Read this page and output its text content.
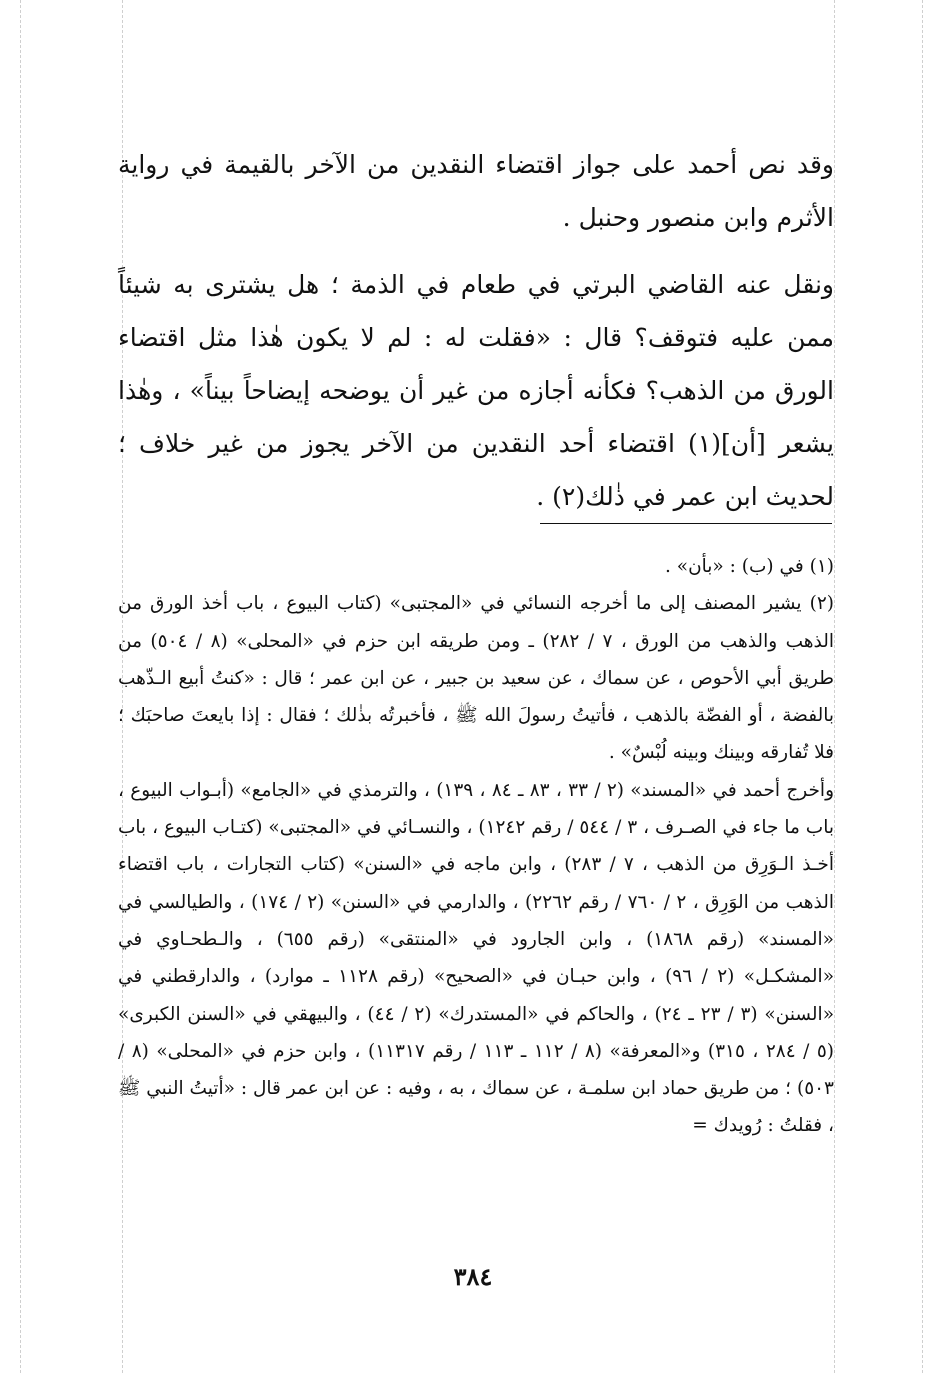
وقد نص أحمد على جواز اقتضاء النقدين من الآخر بالقيمة في رواية الأثرم وابن منصور وحنبل .

ونقل عنه القاضي البرتي في طعام في الذمة ؛ هل يشترى به شيئاً ممن عليه فتوقف؟ قال : «فقلت له : لم لا يكون هٰذا مثل اقتضاء الورق من الذهب؟ فكأنه أجازه من غير أن يوضحه إيضاحاً بيناً» ، وهٰذا يشعر [أن](١) اقتضاء أحد النقدين من الآخر يجوز من غير خلاف ؛ لحديث ابن عمر في ذٰلك(٢) .

(١) في (ب) : «بأن» .

(٢) يشير المصنف إلى ما أخرجه النسائي في «المجتبى» (كتاب البيوع ، باب أخذ الورق من الذهب والذهب من الورق ، ٧ / ٢٨٢) ـ ومن طريقه ابن حزم في «المحلى» (٨ / ٥٠٤) من طريق أبي الأحوص ، عن سماك ، عن سعيد بن جبير ، عن ابن عمر ؛ قال : «كنتُ أبيع الـذّهب بالفضة ، أو الفضّة بالذهب ، فأتيتُ رسولَ الله ﷺ ، فأخبرتُه بذٰلك ؛ فقال : إذا بايعتَ صاحبَك ؛ فلا تُفارقه وبينك وبينه لُبْسٌ» .

وأخرج أحمد في «المسند» (٢ / ٣٣ ، ٨٣ ـ ٨٤ ، ١٣٩) ، والترمذي في «الجامع» (أبـواب البيوع ، باب ما جاء في الصـرف ، ٣ / ٥٤٤ / رقم ١٢٤٢) ، والنسـائي في «المجتبى» (كتـاب البيوع ، باب أخـذ الـوَرِق من الذهب ، ٧ / ٢٨٣) ، وابن ماجه في «السنن» (كتاب التجارات ، باب اقتضاء الذهب من الوَرِق ، ٢ / ٧٦٠ / رقم ٢٢٦٢) ، والدارمي في «السنن» (٢ / ١٧٤) ، والطيالسي في «المسند» (رقم ١٨٦٨) ، وابن الجارود في «المنتقى» (رقم ٦٥٥) ، والـطحـاوي في «المشكـل» (٢ / ٩٦) ، وابن حبـان في «الصحيح» (رقم ١١٢٨ ـ موارد) ، والدارقطني في «السنن» (٣ / ٢٣ ـ ٢٤) ، والحاكم في «المستدرك» (٢ / ٤٤) ، والبيهقي في «السنن الكبرى» (٥ / ٢٨٤ ، ٣١٥) و«المعرفة» (٨ / ١١٢ ـ ١١٣ / رقم ١١٣١٧) ، وابن حزم في «المحلى» (٨ / ٥٠٣) ؛ من طريق حماد ابن سلمـة ، عن سماك ، به ، وفيه : عن ابن عمر قال : «أتيتُ النبي ﷺ ، فقلتُ : رُويدك =

٣٨٤
